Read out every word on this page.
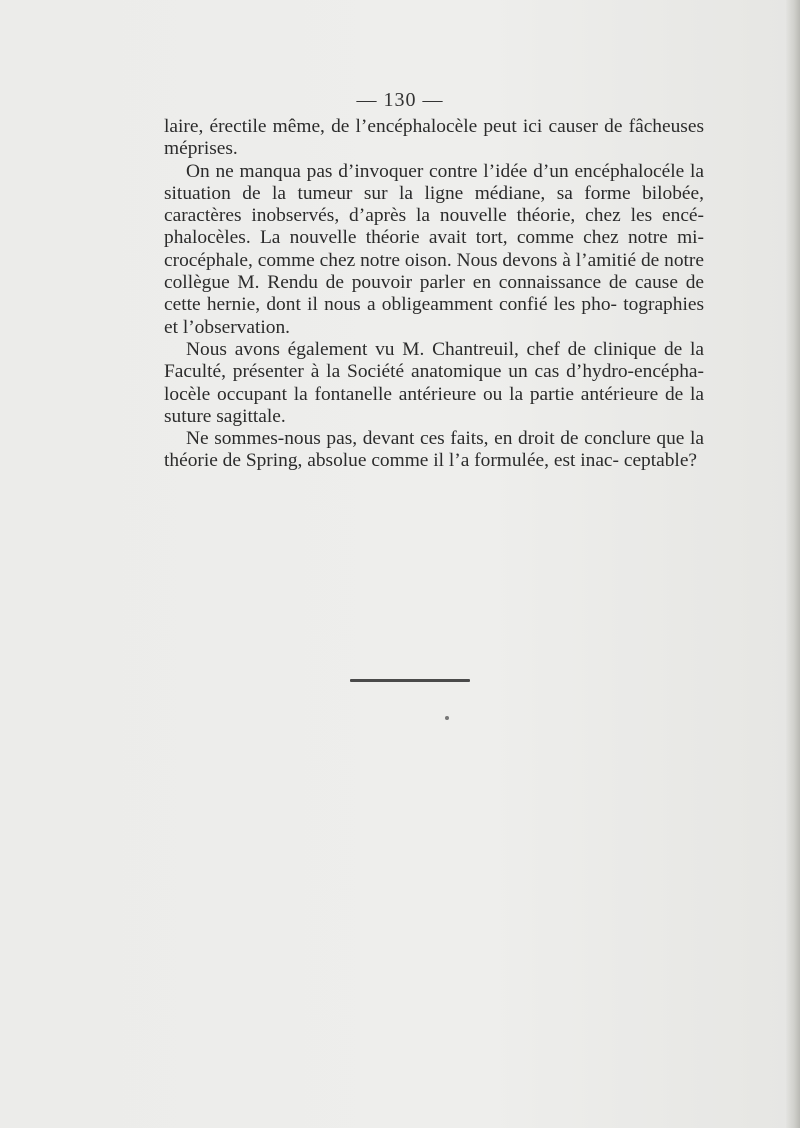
— 130 —

laire, érectile même, de l’encéphalocèle peut ici causer de fâcheuses méprises.

On ne manqua pas d’invoquer contre l’idée d’un encéphalocéle la situation de la tumeur sur la ligne médiane, sa forme bilobée, caractères inobservés, d’après la nouvelle théorie, chez les encé- phalocèles. La nouvelle théorie avait tort, comme chez notre mi- crocéphale, comme chez notre oison. Nous devons à l’amitié de notre collègue M. Rendu de pouvoir parler en connaissance de cause de cette hernie, dont il nous a obligeamment confié les pho- tographies et l’observation.

Nous avons également vu M. Chantreuil, chef de clinique de la Faculté, présenter à la Société anatomique un cas d’hydro-encépha- locèle occupant la fontanelle antérieure ou la partie antérieure de la suture sagittale.

Ne sommes-nous pas, devant ces faits, en droit de conclure que la théorie de Spring, absolue comme il l’a formulée, est inac- ceptable?
